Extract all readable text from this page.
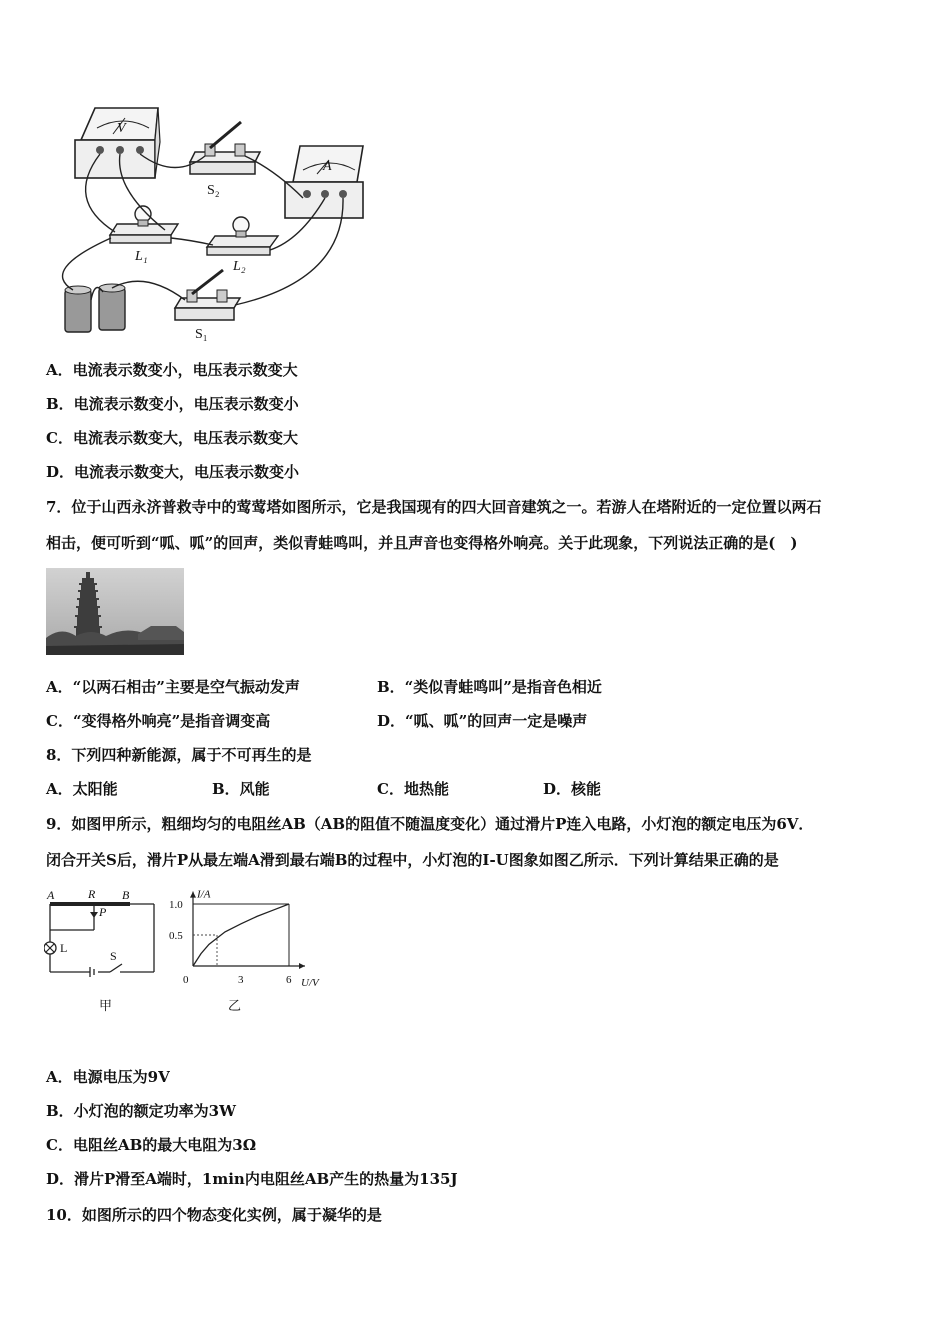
V
S₂
A
L₁
L₂
S₁
A．电流表示数变小，电压表示数变大
B．电流表示数变小，电压表示数变小
C．电流表示数变大，电压表示数变大
D．电流表示数变大，电压表示数变小
7．位于山西永济普救寺中的莺莺塔如图所示，它是我国现有的四大回音建筑之一。若游人在塔附近的一定位置以两石
相击，便可听到“呱、呱”的回声，类似青蛙鸣叫，并且声音也变得格外响亮。关于此现象，下列说法正确的是(　)
A．“以两石相击”主要是空气振动发声	B．“类似青蛙鸣叫”是指音色相近
C．“变得格外响亮”是指音调变高	D．“呱、呱”的回声一定是噪声
8．下列四种新能源，属于不可再生的是
A．太阳能	B．风能	C．地热能	D．核能
9．如图甲所示，粗细均匀的电阻丝AB（AB的阻值不随温度变化）通过滑片P连入电路，小灯泡的额定电压为6V．
闭合开关S后，滑片P从最左端A滑到最右端B的过程中，小灯泡的I-U图象如图乙所示．下列计算结果正确的是
A	R B
P
L
S
甲
I/A
U/V
1.0
0.5
0	3	6
乙
A．电源电压为9V
B．小灯泡的额定功率为3W
C．电阻丝AB的最大电阻为3Ω
D．滑片P滑至A端时，1min内电阻丝AB产生的热量为135J
10．如图所示的四个物态变化实例，属于凝华的是
